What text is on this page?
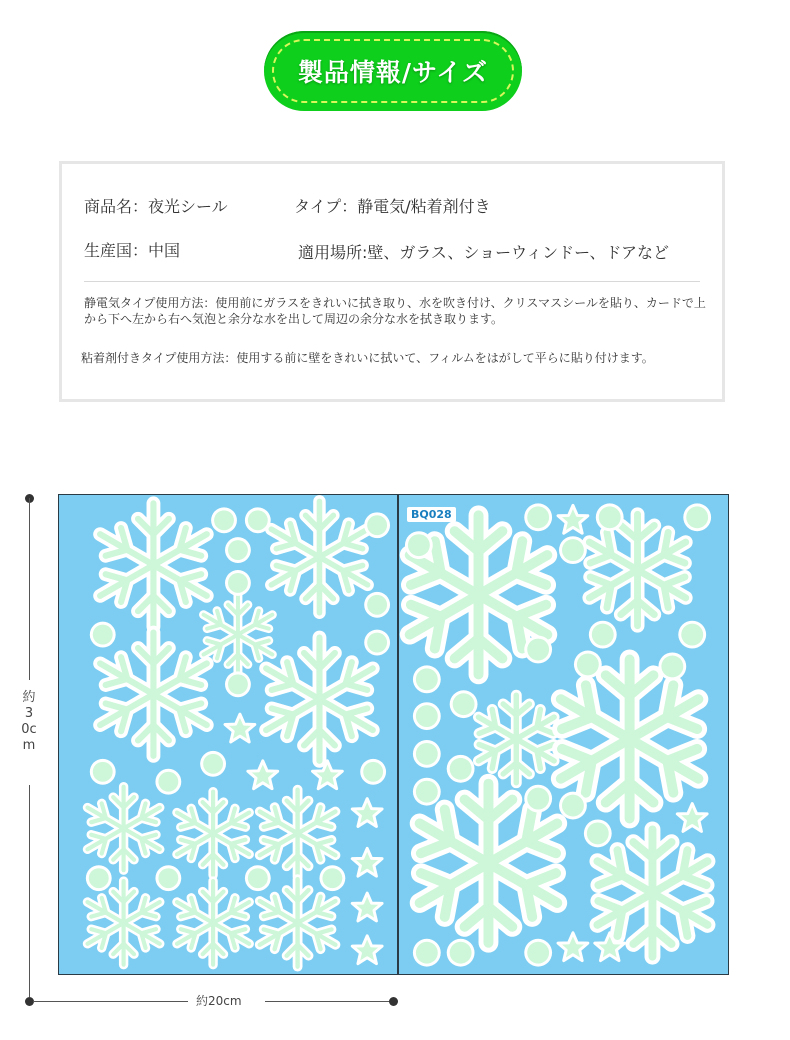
製品情報/サイズ
商品名：夜光シール	タイプ：静電気/粘着剤付き
生産国：中国	適用場所:壁、ガラス、ショーウィンドー、ドアなど
静電気タイプ使用方法：使用前にガラスをきれいに拭き取り、水を吹き付け、クリスマスシールを貼り、カードで上から下へ左から右へ気泡と余分な水を出して周辺の余分な水を拭き取ります。
粘着剤付きタイプ使用方法：使用する前に壁をきれいに拭いて、フィルムをはがして平らに貼り付けます。
BQ028
約30cm
約20cm
